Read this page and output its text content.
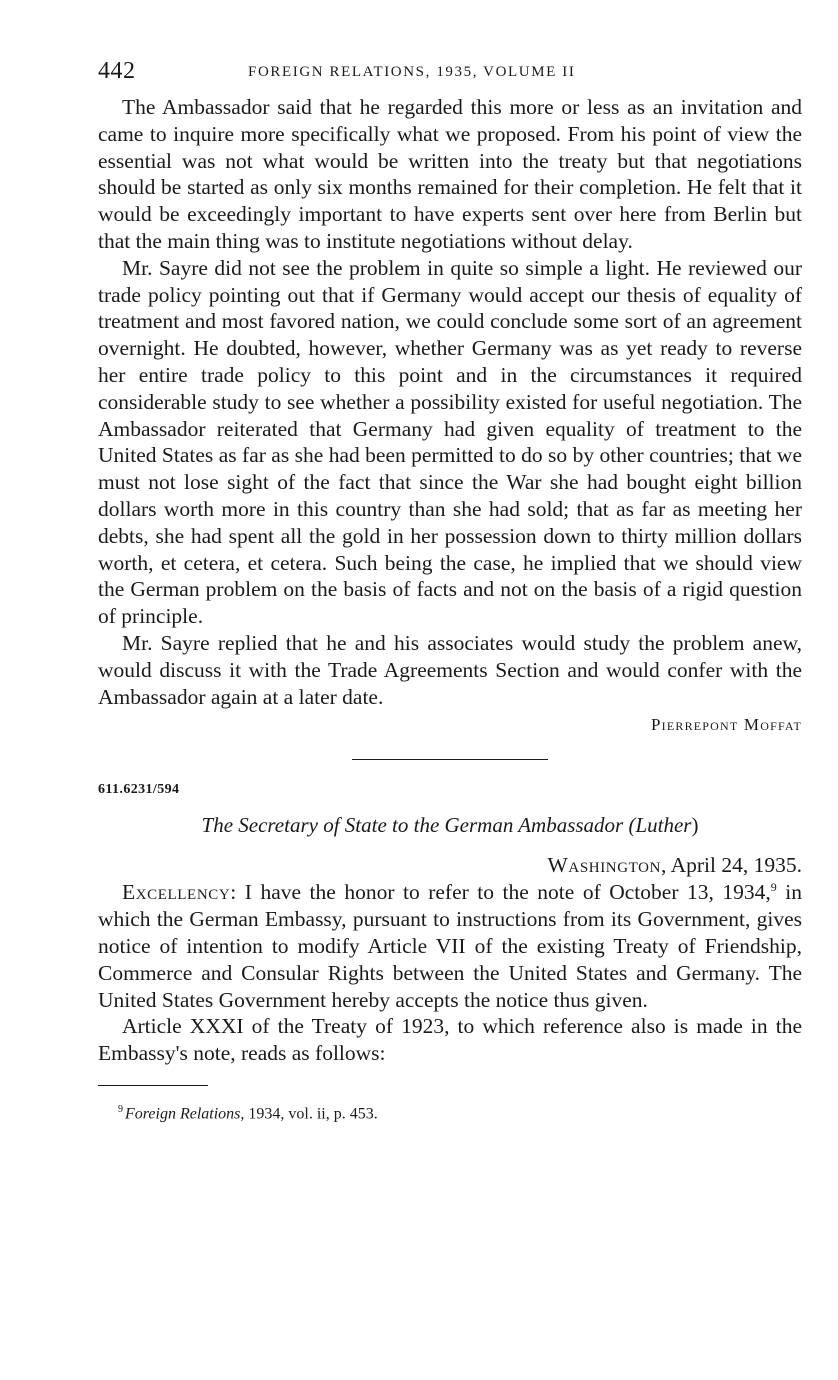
442	FOREIGN RELATIONS, 1935, VOLUME II

The Ambassador said that he regarded this more or less as an invitation and came to inquire more specifically what we proposed. From his point of view the essential was not what would be written into the treaty but that negotiations should be started as only six months remained for their completion. He felt that it would be exceedingly important to have experts sent over here from Berlin but that the main thing was to institute negotiations without delay.

Mr. Sayre did not see the problem in quite so simple a light. He reviewed our trade policy pointing out that if Germany would accept our thesis of equality of treatment and most favored nation, we could conclude some sort of an agreement overnight. He doubted, however, whether Germany was as yet ready to reverse her entire trade policy to this point and in the circumstances it required considerable study to see whether a possibility existed for useful negotiation. The Ambassador reiterated that Germany had given equality of treatment to the United States as far as she had been permitted to do so by other countries; that we must not lose sight of the fact that since the War she had bought eight billion dollars worth more in this country than she had sold; that as far as meeting her debts, she had spent all the gold in her possession down to thirty million dollars worth, et cetera, et cetera. Such being the case, he implied that we should view the German problem on the basis of facts and not on the basis of a rigid question of principle.

Mr. Sayre replied that he and his associates would study the problem anew, would discuss it with the Trade Agreements Section and would confer with the Ambassador again at a later date.

Pierrepont Moffat
611.6231/594
The Secretary of State to the German Ambassador (Luther)
Washington, April 24, 1935.

Excellency: I have the honor to refer to the note of October 13, 1934,$^9$ in which the German Embassy, pursuant to instructions from its Government, gives notice of intention to modify Article VII of the existing Treaty of Friendship, Commerce and Consular Rights between the United States and Germany. The United States Government hereby accepts the notice thus given.

Article XXXI of the Treaty of 1923, to which reference also is made in the Embassy's note, reads as follows:

$^9$ Foreign Relations, 1934, vol. ii, p. 453.
